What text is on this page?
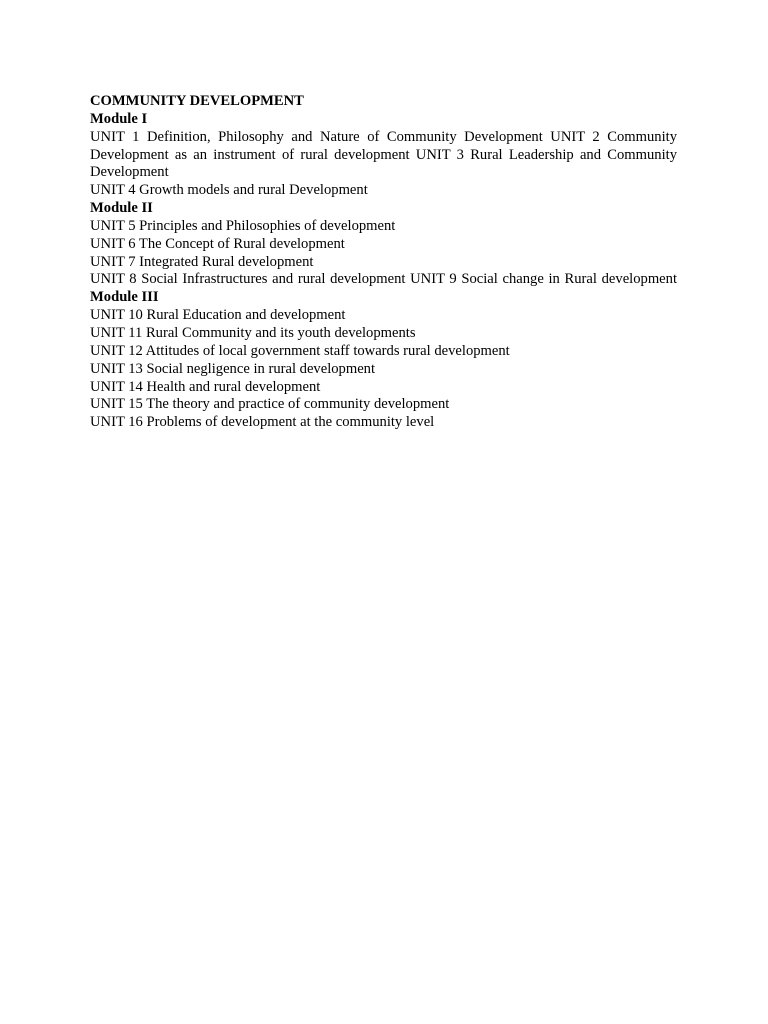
COMMUNITY DEVELOPMENT
Module I
UNIT 1 Definition, Philosophy and Nature of Community Development UNIT 2 Community Development as an instrument of rural development UNIT 3 Rural Leadership and Community Development
UNIT 4 Growth models and rural Development
Module II
UNIT 5 Principles and Philosophies of development
UNIT 6 The Concept of Rural development
UNIT 7 Integrated Rural development
UNIT 8 Social Infrastructures and rural development UNIT 9 Social change in Rural development Module III
UNIT 10 Rural Education and development
UNIT 11 Rural Community and its youth developments
UNIT 12 Attitudes of local government staff towards rural development
UNIT 13 Social negligence in rural development
UNIT 14 Health and rural development
UNIT 15 The theory and practice of community development
UNIT 16 Problems of development at the community level
